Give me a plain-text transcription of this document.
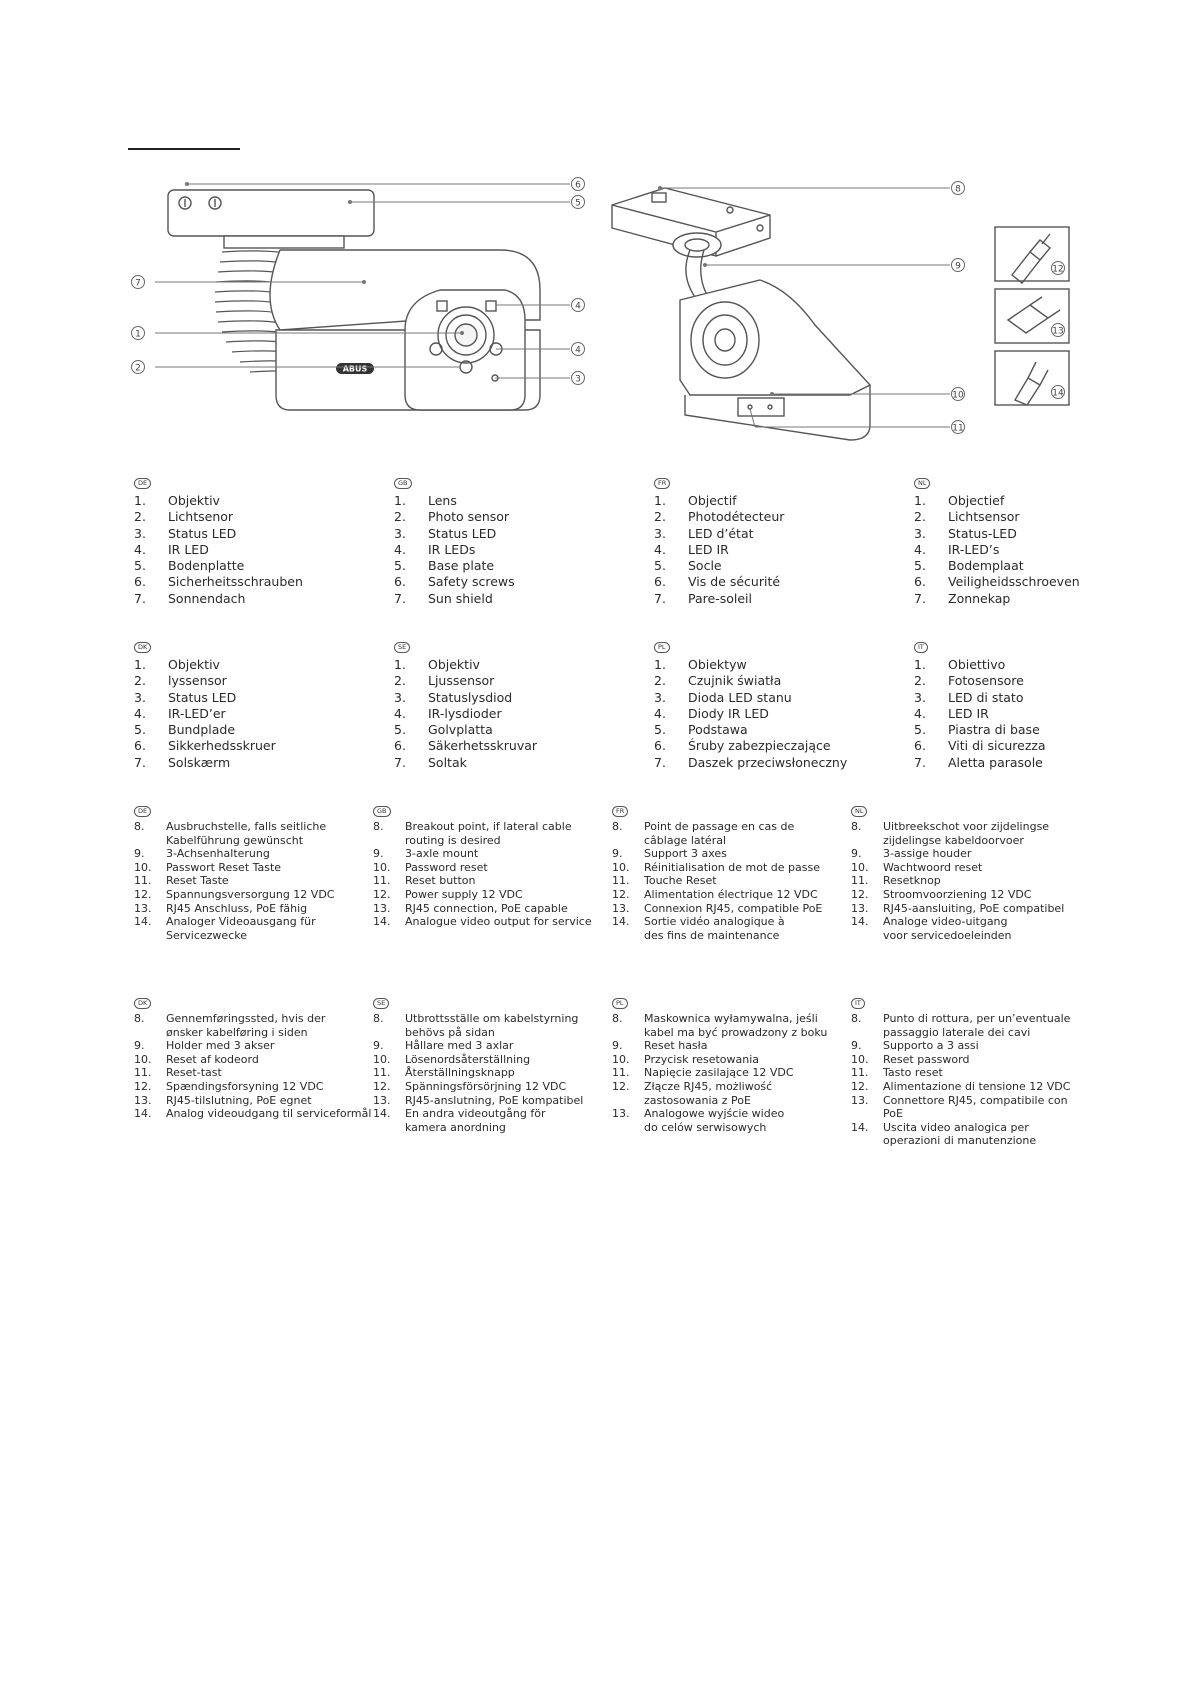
ABUS
6
5
7
4
1
4
2
3
8
9
10
11
12
13
14
DE
1. Objektiv
2. Lichtsenor
3. Status LED
4. IR LED
5. Bodenplatte
6. Sicherheitsschrauben
7. Sonnendach
GB
1. Lens
2. Photo sensor
3. Status LED
4. IR LEDs
5. Base plate
6. Safety screws
7. Sun shield
FR
1. Objectif
2. Photodétecteur
3. LED d’état
4. LED IR
5. Socle
6. Vis de sécurité
7. Pare-soleil
NL
1. Objectief
2. Lichtsensor
3. Status-LED
4. IR-LED’s
5. Bodemplaat
6. Veiligheidsschroeven
7. Zonnekap
DK
1. Objektiv
2. lyssensor
3. Status LED
4. IR-LED’er
5. Bundplade
6. Sikkerhedsskruer
7. Solskærm
SE
1. Objektiv
2. Ljussensor
3. Statuslysdiod
4. IR-lysdioder
5. Golvplatta
6. Säkerhetsskruvar
7. Soltak
PL
1. Obiektyw
2. Czujnik światła
3. Dioda LED stanu
4. Diody IR LED
5. Podstawa
6. Śruby zabezpieczające
7. Daszek przeciwsłoneczny
IT
1. Obiettivo
2. Fotosensore
3. LED di stato
4. LED IR
5. Piastra di base
6. Viti di sicurezza
7. Aletta parasole
DE
8.	Ausbruchstelle, falls seitliche
Kabelführung gewünscht
9.	3-Achsenhalterung
10.	Passwort Reset Taste
11.	Reset Taste
12.	Spannungsversorgung 12 VDC
13.	RJ45 Anschluss, PoE fähig
14.	Analoger Videoausgang für
Servicezwecke
GB
8.	Breakout point, if lateral cable
routing is desired
9.	3-axle mount
10.	Password reset
11.	Reset button
12.	Power supply 12 VDC
13.	RJ45 connection, PoE capable
14.	Analogue video output for service
FR
8.	Point de passage en cas de
câblage latéral
9.	Support 3 axes
10.	Réinitialisation de mot de passe
11.	Touche Reset
12.	Alimentation électrique 12 VDC
13.	Connexion RJ45, compatible PoE
14.	Sortie vidéo analogique à
des fins de maintenance
NL
8.	Uitbreekschot voor zijdelingse
zijdelingse kabeldoorvoer
9.	3-assige houder
10.	Wachtwoord reset
11.	Resetknop
12.	Stroomvoorziening 12 VDC
13.	RJ45-aansluiting, PoE compatibel
14.	Analoge video-uitgang
voor servicedoeleinden
DK
8.	Gennemføringssted, hvis der
ønsker kabelføring i siden
9.	Holder med 3 akser
10.	Reset af kodeord
11.	Reset-tast
12.	Spændingsforsyning 12 VDC
13.	RJ45-tilslutning, PoE egnet
14.	Analog videoudgang til serviceformål
SE
8.	Utbrottsställe om kabelstyrning
behövs på sidan
9.	Hållare med 3 axlar
10.	Lösenordsåterställning
11.	Återställningsknapp
12.	Spänningsförsörjning 12 VDC
13.	RJ45-anslutning, PoE kompatibel
14.	En andra videoutgång för
kamera anordning
PL
8.	Maskownica wyłamywalna, jeśli
kabel ma być prowadzony z boku
9.	Reset hasła
10.	Przycisk resetowania
11.	Napięcie zasilające 12 VDC
12.	Złącze RJ45, możliwość
zastosowania z PoE
13.	Analogowe wyjście wideo
do celów serwisowych
IT
8.	Punto di rottura, per un’eventuale
passaggio laterale dei cavi
9.	Supporto a 3 assi
10.	Reset password
11.	Tasto reset
12.	Alimentazione di tensione 12 VDC
13.	Connettore RJ45, compatibile con PoE
14.	Uscita video analogica per
operazioni di manutenzione
